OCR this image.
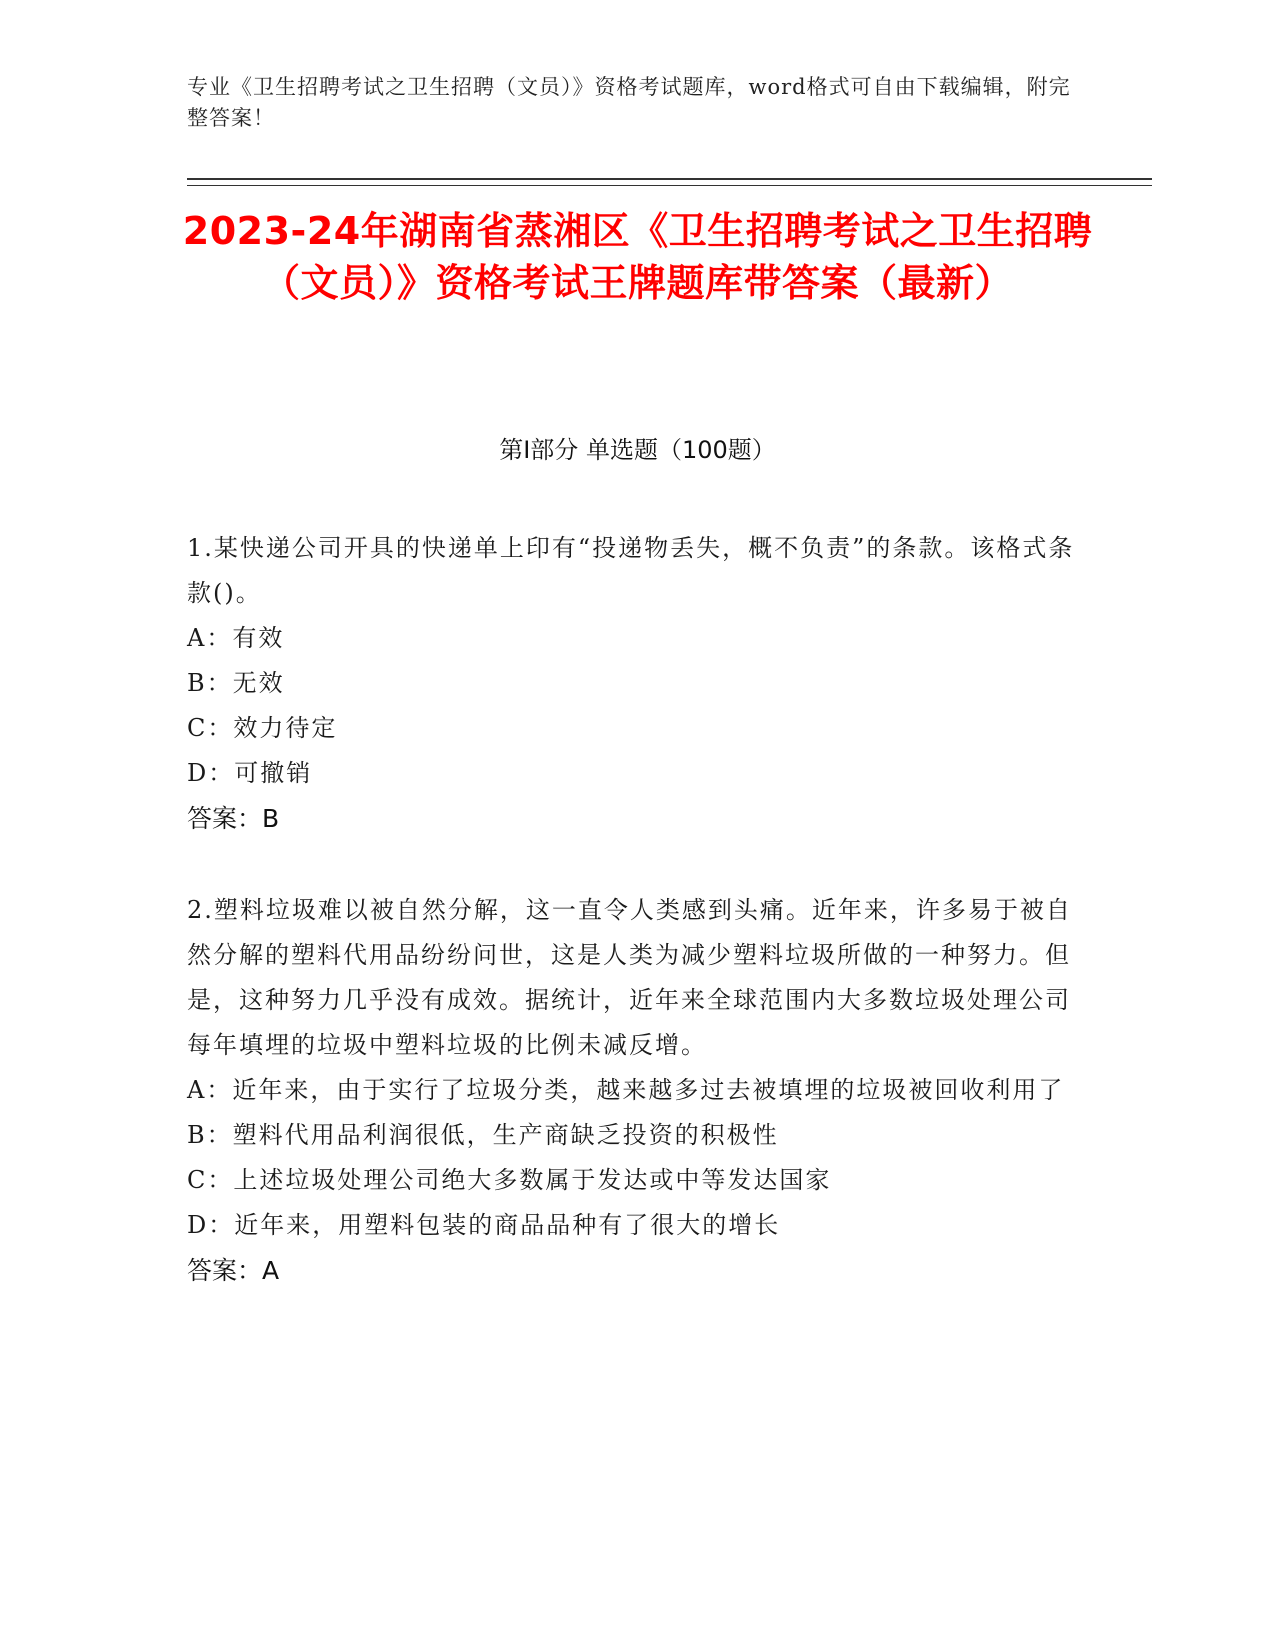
专业《卫生招聘考试之卫生招聘（文员）》资格考试题库，word格式可自由下载编辑，附完整答案！
2023-24年湖南省蒸湘区《卫生招聘考试之卫生招聘（文员）》资格考试王牌题库带答案（最新）
第Ⅰ部分 单选题（100题）

1.某快递公司开具的快递单上印有“投递物丢失，概不负责”的条款。该格式条款()。

A：有效

B：无效

C：效力待定

D：可撤销

答案：B

2.塑料垃圾难以被自然分解，这一直令人类感到头痛。近年来，许多易于被自然分解的塑料代用品纷纷问世，这是人类为减少塑料垃圾所做的一种努力。但是，这种努力几乎没有成效。据统计，近年来全球范围内大多数垃圾处理公司每年填埋的垃圾中塑料垃圾的比例未减反增。

A：近年来，由于实行了垃圾分类，越来越多过去被填埋的垃圾被回收利用了

B：塑料代用品利润很低，生产商缺乏投资的积极性

C：上述垃圾处理公司绝大多数属于发达或中等发达国家

D：近年来，用塑料包装的商品品种有了很大的增长

答案：A
